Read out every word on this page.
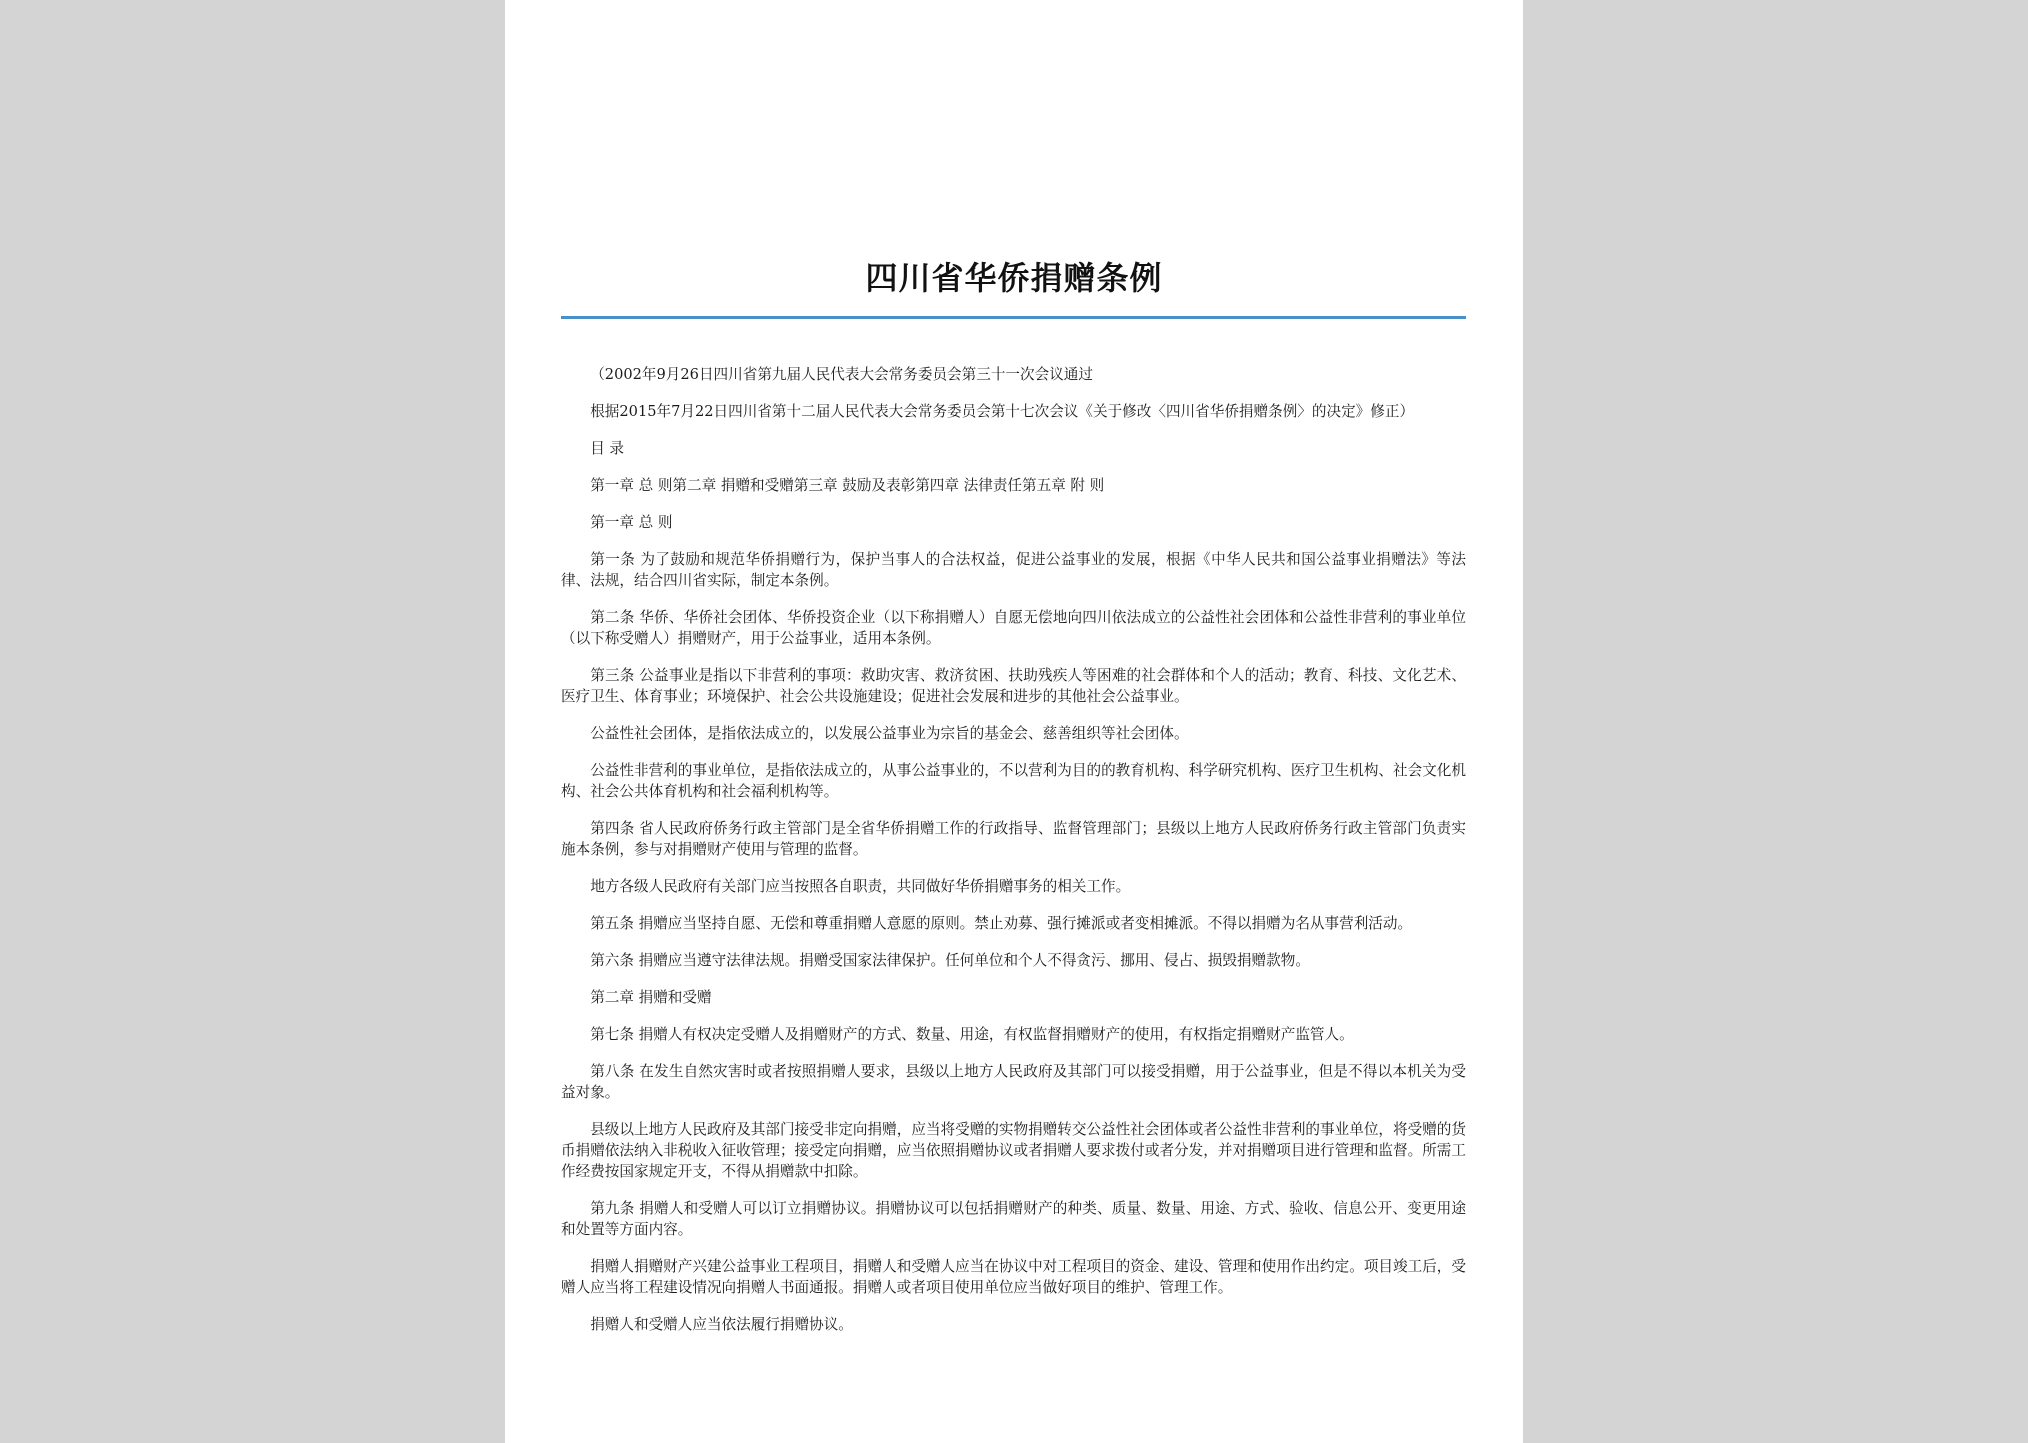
四川省华侨捐赠条例

（2002年9月26日四川省第九届人民代表大会常务委员会第三十一次会议通过

根据2015年7月22日四川省第十二届人民代表大会常务委员会第十七次会议《关于修改〈四川省华侨捐赠条例〉的决定》修正）

目 录

第一章 总 则第二章 捐赠和受赠第三章 鼓励及表彰第四章 法律责任第五章 附 则

第一章 总 则

第一条 为了鼓励和规范华侨捐赠行为，保护当事人的合法权益，促进公益事业的发展，根据《中华人民共和国公益事业捐赠法》等法律、法规，结合四川省实际，制定本条例。

第二条 华侨、华侨社会团体、华侨投资企业（以下称捐赠人）自愿无偿地向四川依法成立的公益性社会团体和公益性非营利的事业单位（以下称受赠人）捐赠财产，用于公益事业，适用本条例。

第三条 公益事业是指以下非营利的事项：救助灾害、救济贫困、扶助残疾人等困难的社会群体和个人的活动；教育、科技、文化艺术、医疗卫生、体育事业；环境保护、社会公共设施建设；促进社会发展和进步的其他社会公益事业。

公益性社会团体，是指依法成立的，以发展公益事业为宗旨的基金会、慈善组织等社会团体。

公益性非营利的事业单位，是指依法成立的，从事公益事业的，不以营利为目的的教育机构、科学研究机构、医疗卫生机构、社会文化机构、社会公共体育机构和社会福利机构等。

第四条 省人民政府侨务行政主管部门是全省华侨捐赠工作的行政指导、监督管理部门；县级以上地方人民政府侨务行政主管部门负责实施本条例，参与对捐赠财产使用与管理的监督。

地方各级人民政府有关部门应当按照各自职责，共同做好华侨捐赠事务的相关工作。

第五条 捐赠应当坚持自愿、无偿和尊重捐赠人意愿的原则。禁止劝募、强行摊派或者变相摊派。不得以捐赠为名从事营利活动。

第六条 捐赠应当遵守法律法规。捐赠受国家法律保护。任何单位和个人不得贪污、挪用、侵占、损毁捐赠款物。

第二章 捐赠和受赠

第七条 捐赠人有权决定受赠人及捐赠财产的方式、数量、用途，有权监督捐赠财产的使用，有权指定捐赠财产监管人。

第八条 在发生自然灾害时或者按照捐赠人要求，县级以上地方人民政府及其部门可以接受捐赠，用于公益事业，但是不得以本机关为受益对象。

县级以上地方人民政府及其部门接受非定向捐赠，应当将受赠的实物捐赠转交公益性社会团体或者公益性非营利的事业单位，将受赠的货币捐赠依法纳入非税收入征收管理；接受定向捐赠，应当依照捐赠协议或者捐赠人要求拨付或者分发，并对捐赠项目进行管理和监督。所需工作经费按国家规定开支，不得从捐赠款中扣除。

第九条 捐赠人和受赠人可以订立捐赠协议。捐赠协议可以包括捐赠财产的种类、质量、数量、用途、方式、验收、信息公开、变更用途和处置等方面内容。

捐赠人捐赠财产兴建公益事业工程项目，捐赠人和受赠人应当在协议中对工程项目的资金、建设、管理和使用作出约定。项目竣工后，受赠人应当将工程建设情况向捐赠人书面通报。捐赠人或者项目使用单位应当做好项目的维护、管理工作。

捐赠人和受赠人应当依法履行捐赠协议。
